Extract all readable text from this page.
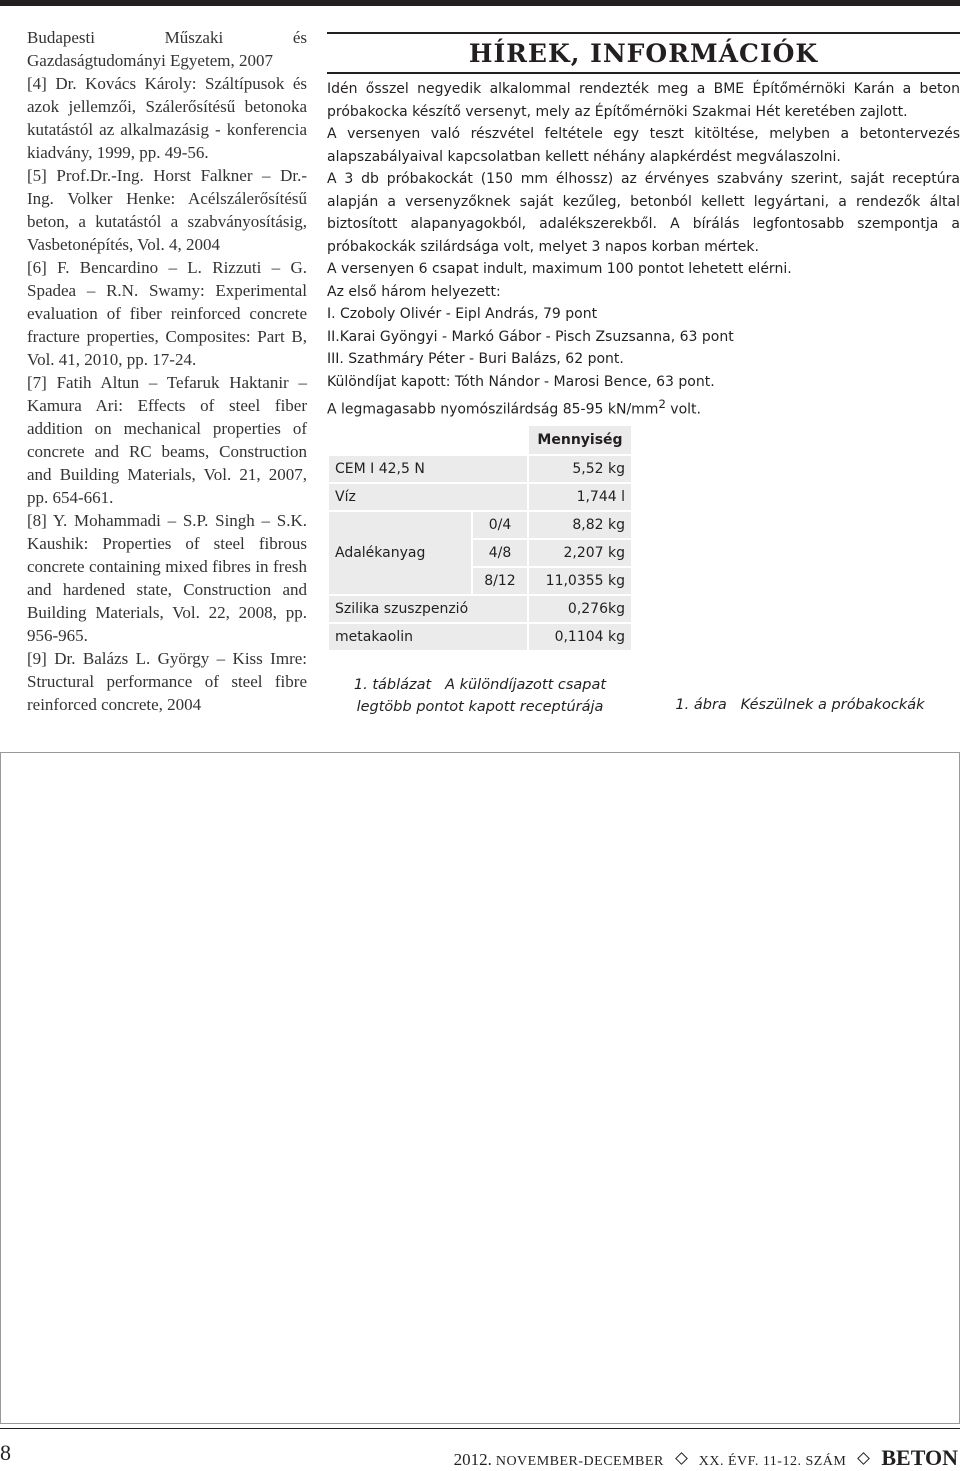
Budapesti Műszaki és Gazdaságtudományi Egyetem, 2007

[4] Dr. Kovács Károly: Száltípusok és azok jellemzői, Szálerősítésű betonoka kutatástól az alkalmazásig - konferencia kiadvány, 1999, pp. 49-56.

[5] Prof.Dr.-Ing. Horst Falkner – Dr.-Ing. Volker Henke: Acélszálerősítésű beton, a kutatástól a szabványosításig, Vasbetonépítés, Vol. 4, 2004

[6] F. Bencardino – L. Rizzuti – G. Spadea – R.N. Swamy: Experimental evaluation of fiber reinforced concrete fracture properties, Composites: Part B, Vol. 41, 2010, pp. 17-24.

[7] Fatih Altun – Tefaruk Haktanir – Kamura Ari: Effects of steel fiber addition on mechanical properties of concrete and RC beams, Construction and Building Materials, Vol. 21, 2007, pp. 654-661.

[8] Y. Mohammadi – S.P. Singh – S.K. Kaushik: Properties of steel fibrous concrete containing mixed fibres in fresh and hardened state, Construction and Building Materials, Vol. 22, 2008, pp. 956-965.

[9] Dr. Balázs L. György – Kiss Imre: Structural performance of steel fibre reinforced concrete, 2004

HÍREK, INFORMÁCIÓK

Idén ősszel negyedik alkalommal rendezték meg a BME Építőmérnöki Karán a beton próbakocka készítő versenyt, mely az Építőmérnöki Szakmai Hét keretében zajlott.

A versenyen való részvétel feltétele egy teszt kitöltése, melyben a betontervezés alapszabályaival kapcsolatban kellett néhány alapkérdést megválaszolni.

A 3 db próbakockát (150 mm élhossz) az érvényes szabvány szerint, saját receptúra alapján a versenyzőknek saját kezűleg, betonból kellett legyártani, a rendezők által biztosított alapanyagokból, adalékszerekből. A bírálás legfontosabb szempontja a próbakockák szilárdsága volt, melyet 3 napos korban mértek.

A versenyen 6 csapat indult, maximum 100 pontot lehetett elérni.

Az első három helyezett:

I. Czoboly Olivér - Eipl András, 79 pont

II.Karai Gyöngyi - Markó Gábor - Pisch Zsuzsanna, 63 pont

III. Szathmáry Péter - Buri Balázs, 62 pont.

Különdíjat kapott: Tóth Nándor - Marosi Bence, 63 pont.

A legmagasabb nyomószilárdság 85-95 $kN/mm^2$ volt.

		Mennyiség
CEM I 42,5 N		5,52 kg
Víz		1,744 l
Adalékanyag	0/4	8,82 kg
	4/8	2,207 kg
	8/12	11,0355 kg
Szilika szuszpenzió		0,276kg
metakaolin		0,1104 kg
1. táblázat   A különdíjazott csapat
legtöbb pontot kapott receptúrája	1. ábra   Készülnek a próbakockák
8	2012. NOVEMBER-DECEMBER	XX. ÉVF. 11-12. SZÁM BETON
